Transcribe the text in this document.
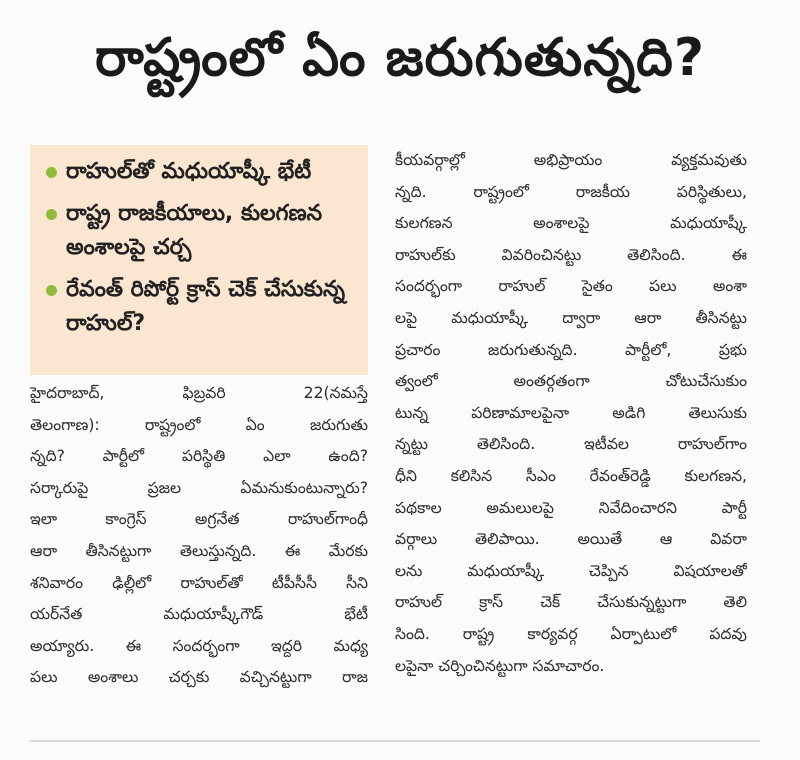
రాష్ట్రంలో ఏం జరుగుతున్నది?
రాహుల్‌తో మధుయాష్కీ భేటీ
రాష్ట్ర రాజకీయాలు, కులగణన అంశాలపై చర్చ
రేవంత్ రిపోర్ట్ క్రాస్ చెక్ చేసుకున్న రాహుల్?
హైదరాబాద్, ఫిబ్రవరి 22(నమస్తే
తెలంగాణ): రాష్ట్రంలో ఏం జరుగుతు
న్నది? పార్టీలో పరిస్థితి ఎలా ఉంది?
సర్కారుపై ప్రజల ఏమనుకుంటున్నారు?
ఇలా కాంగ్రెస్ అగ్రనేత రాహుల్‌గాంధీ
ఆరా తీసినట్టుగా తెలుస్తున్నది. ఈ మేరకు
శనివారం ఢిల్లీలో రాహుల్‌తో టీపీసీసీ సీని
యర్‌నేత మధుయాష్కీగౌడ్ భేటీ
అయ్యారు. ఈ సందర్భంగా ఇద్దరి మధ్య
పలు అంశాలు చర్చకు వచ్చినట్టుగా రాజ
కీయవర్గాల్లో అభిప్రాయం వ్యక్తమవుతు
న్నది. రాష్ట్రంలో రాజకీయ పరిస్థితులు,
కులగణన అంశాలపై మధుయాష్కీ
రాహుల్‌కు వివరించినట్టు తెలిసింది. ఈ
సందర్భంగా రాహుల్ సైతం పలు అంశా
లపై మధుయాష్కీ ద్వారా ఆరా తీసినట్టు
ప్రచారం జరుగుతున్నది. పార్టీలో, ప్రభు
త్వంలో అంతర్గతంగా చోటుచేసుకుం
టున్న పరిణామాలపైనా అడిగి తెలుసుకు
న్నట్టు తెలిసింది. ఇటీవల రాహుల్‌గాం
ధీని కలిసిన సీఎం రేవంత్‌రెడ్డి కులగణన,
పథకాల అమలులపై నివేదించారని పార్టీ
వర్గాలు తెలిపాయి. అయితే ఆ వివరా
లను మధుయాష్కీ చెప్పిన విషయాలతో
రాహుల్ క్రాస్ చెక్ చేసుకున్నట్టుగా తెలి
సింది. రాష్ట్ర కార్యవర్గ ఏర్పాటులో పదవు
లపైనా చర్చించినట్టుగా సమాచారం.
